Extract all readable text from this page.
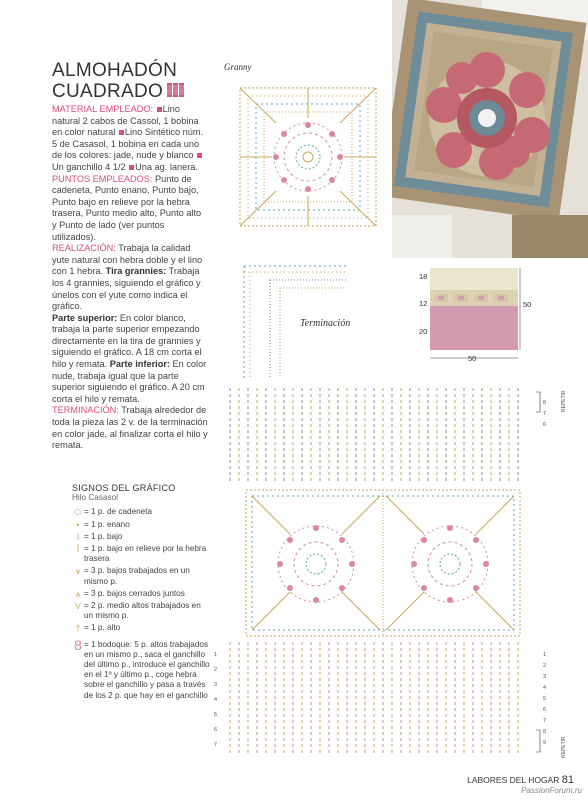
ALMOHADÓN
CUADRADO

MATERIAL EMPLEADO: Lino natural 2 cabos de Cassol, 1 bobina en color natural Lino Sintético núm. 5 de Casasol, 1 bobina en cada uno de los colores: jade, nude y blanco Un ganchillo 4 1/2 Una ag. lanera.

PUNTOS EMPLEADOS: Punto de cadeneta, Punto enano, Punto bajo, Punto bajo en relieve por la hebra trasera, Punto medio alto, Punto alto y Punto de lado (ver puntos utilizados).

REALIZACIÓN: Trabaja la calidad yute natural con hebra doble y el lino con 1 hebra. Tira grannies: Trabaja los 4 grannies, siguiendo el gráfico y únelos con el yute como indica el gráfico.

Parte superior: En color blanco, trabaja la parte superior empezando directamente en la tira de grannies y siguiendo el gráfico. A 18 cm corta el hilo y remata. Parte inferior: En color nude, trabaja igual que la parte superior siguiendo el gráfico. A 20 cm corta el hilo y remata.

TERMINACIÓN: Trabaja alrededor de toda la pieza las 2 v. de la terminación en color jade, al finalizar corta el hilo y remata.

Granny
Terminación
18
12
20
50
50
1
2
3
4
5
6
7
8
7
6
1
2
3
4
5
6
7
8
9
REPETIR
REPETIR
SIGNOS DEL GRÁFICO
Hilo Casasol
⬭ = 1 p. de cadeneta
• = 1 p. enano
I = 1 p. bajo
Ī = 1 p. bajo en relieve por la hebra trasera
⩛ = 3 p. bajos trabajados en un mismo p.
⩚ = 3 p. bajos cerrados juntos
V = 2 p. medio altos trabajados en un mismo p.
† = 1 p. alto
8 = 1 bodoque: 5 p. altos trabajados en un mismo p., saca el ganchillo del último p., introduce el ganchillo en el 1º y último p., coge hebra sobre el ganchillo y pasa a través de los 2 p. que hay en el ganchillo
LABORES DEL HOGAR 81
PassionForum.ru
